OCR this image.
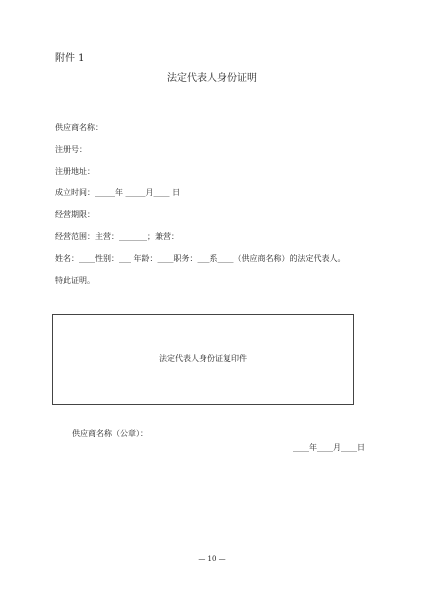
附件 1
法定代表人身份证明
供应商名称：
注册号：
注册地址：
成立时间：_____年 _____月____ 日
经营期限：
经营范围：主营：_______；兼营：
姓名：____性别：___ 年龄：____职务：___系____（供应商名称）的法定代表人。
特此证明。
法定代表人身份证复印件
供应商名称（公章）：
____年____月____日
— 10 —
